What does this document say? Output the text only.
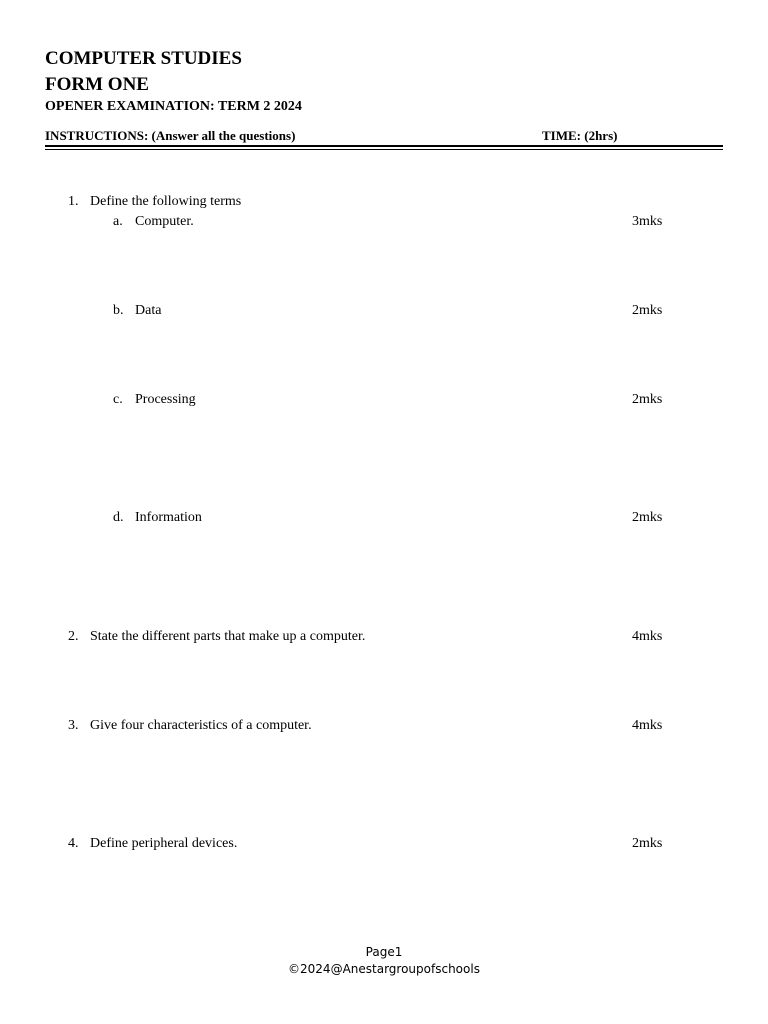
COMPUTER STUDIES
FORM ONE
OPENER EXAMINATION: TERM 2 2024
INSTRUCTIONS: (Answer all the questions)	TIME: (2hrs)
1. Define the following terms
a. Computer.	3mks
b. Data	2mks
c. Processing	2mks
d. Information	2mks
2. State the different parts that make up a computer.	4mks
3. Give four characteristics of a computer.	4mks
4. Define peripheral devices.	2mks
Page1
©2024@Anestargroupofschools
